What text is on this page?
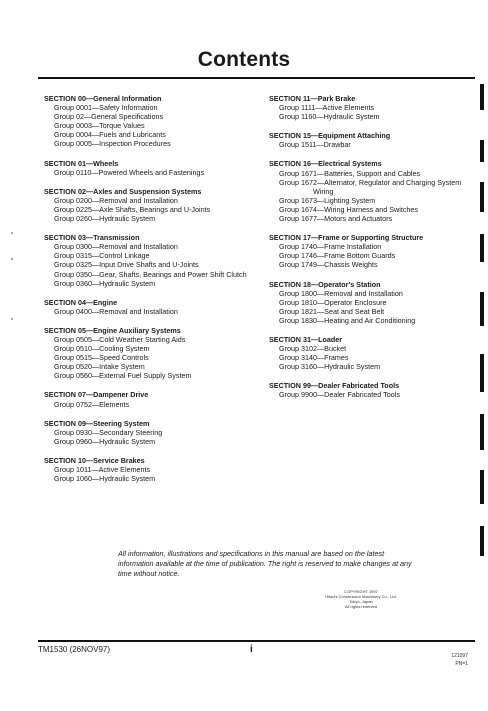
Contents
SECTION 00—General Information
Group 0001—Safety Information
Group 02—General Specifications
Group 0003—Torque Values
Group 0004—Fuels and Lubricants
Group 0005—Inspection Procedures
SECTION 01—Wheels
Group 0110—Powered Wheels and Fastenings
SECTION 02—Axles and Suspension Systems
Group 0200—Removal and Installation
Group 0225—Axle Shafts, Bearings and U-Joints
Group 0260—Hydraulic System
SECTION 03—Transmission
Group 0300—Removal and Installation
Group 0315—Control Linkage
Group 0325—Input Drive Shafts and U-Joints
Group 0350—Gear, Shafts, Bearings and Power Shift Clutch
Group 0360—Hydraulic System
SECTION 04—Engine
Group 0400—Removal and Installation
SECTION 05—Engine Auxiliary Systems
Group 0505—Cold Weather Starting Aids
Group 0510—Cooling System
Group 0515—Speed Controls
Group 0520—Intake System
Group 0560—External Fuel Supply System
SECTION 07—Dampener Drive
Group 0752—Elements
SECTION 09—Steering System
Group 0930—Secondary Steering
Group 0960—Hydraulic System
SECTION 10—Service Brakes
Group 1011—Active Elements
Group 1060—Hydraulic System
SECTION 11—Park Brake
Group 1111—Active Elements
Group 1160—Hydraulic System
SECTION 15—Equipment Attaching
Group 1511—Drawbar
SECTION 16—Electrical Systems
Group 1671—Batteries, Support and Cables
Group 1672—Alternator, Regulator and Charging System Wiring
Group 1673—Lighting System
Group 1674—Wiring Harness and Switches
Group 1677—Motors and Actuators
SECTION 17—Frame or Supporting Structure
Group 1740—Frame Installation
Group 1746—Frame Bottom Guards
Group 1749—Chassis Weights
SECTION 18—Operator's Station
Group 1800—Removal and Installation
Group 1810—Operator Enclosure
Group 1821—Seat and Seat Belt
Group 1830—Heating and Air Conditioning
SECTION 31—Loader
Group 3102—Bucket
Group 3140—Frames
Group 3160—Hydraulic System
SECTION 99—Dealer Fabricated Tools
Group 9900—Dealer Fabricated Tools
All information, illustrations and specifications in this manual are based on the latest information available at the time of publication. The right is reserved to make changes at any time without notice.
COPYRIGHT 1997
Hitachi Construction Machinery Co., Ltd.
Tokyo, Japan
All rights reserved
TM1530 (26NOV97)	i
121097
PN=1
